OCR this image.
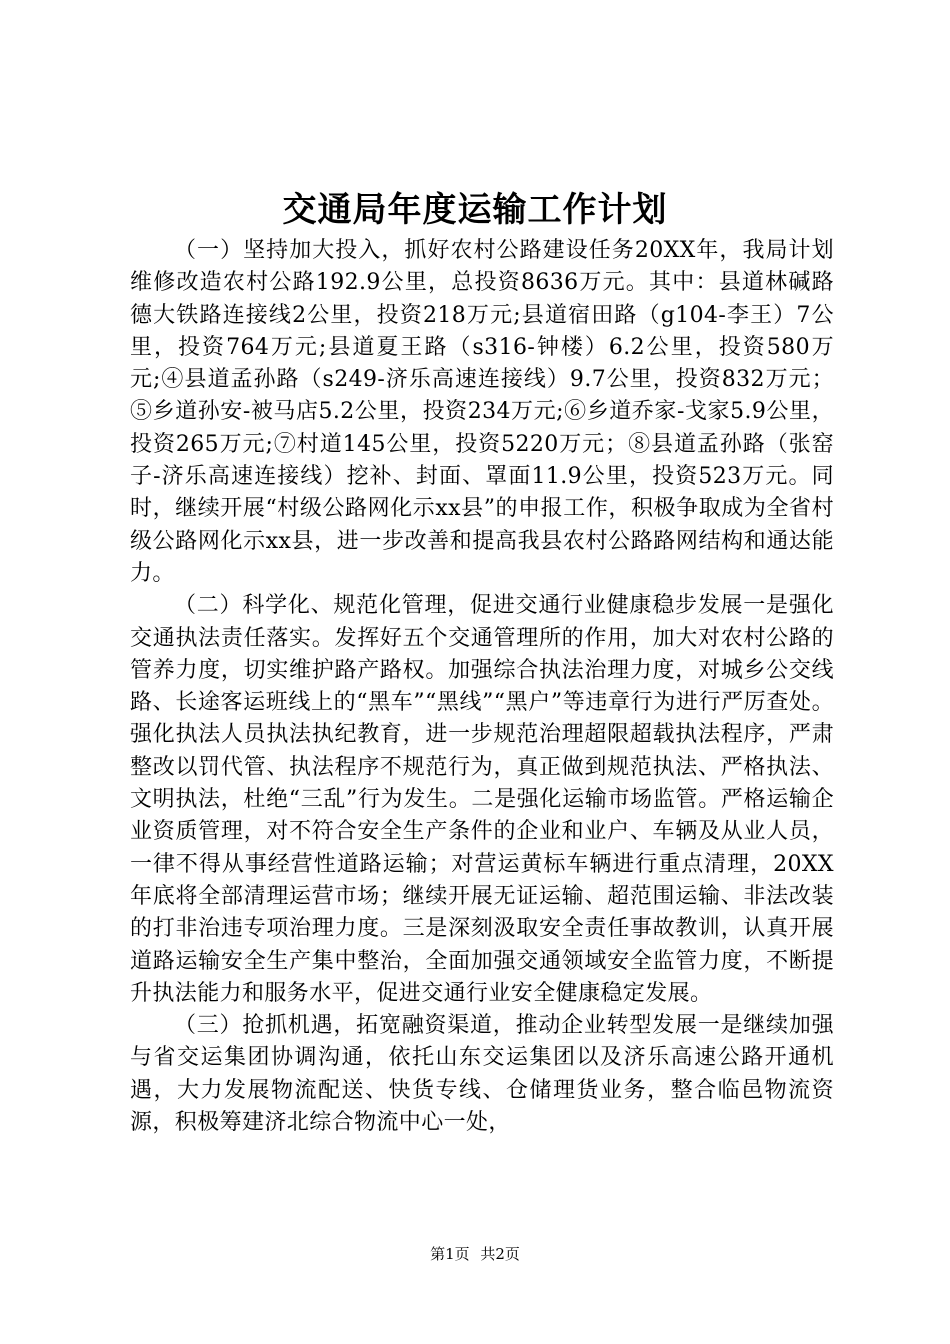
交通局年度运输工作计划

（一）坚持加大投入，抓好农村公路建设任务20XX年，我局计划维修改造农村公路192.9公里，总投资8636万元。其中：县道林碱路德大铁路连接线2公里，投资218万元;县道宿田路（g104-李王）7公里，投资764万元;县道夏王路（s316-钟楼）6.2公里，投资580万元;④县道孟孙路（s249-济乐高速连接线）9.7公里，投资832万元；⑤乡道孙安-被马店5.2公里，投资234万元;⑥乡道乔家-戈家5.9公里，投资265万元;⑦村道145公里，投资5220万元；⑧县道孟孙路（张窑子-济乐高速连接线）挖补、封面、罩面11.9公里，投资523万元。同时，继续开展“村级公路网化示xx县”的申报工作，积极争取成为全省村级公路网化示xx县，进一步改善和提高我县农村公路路网结构和通达能力。

（二）科学化、规范化管理，促进交通行业健康稳步发展一是强化交通执法责任落实。发挥好五个交通管理所的作用，加大对农村公路的管养力度，切实维护路产路权。加强综合执法治理力度，对城乡公交线路、长途客运班线上的“黑车”“黑线”“黑户”等违章行为进行严厉查处。强化执法人员执法执纪教育，进一步规范治理超限超载执法程序，严肃整改以罚代管、执法程序不规范行为，真正做到规范执法、严格执法、文明执法，杜绝“三乱”行为发生。二是强化运输市场监管。严格运输企业资质管理，对不符合安全生产条件的企业和业户、车辆及从业人员，一律不得从事经营性道路运输；对营运黄标车辆进行重点清理，20XX年底将全部清理运营市场；继续开展无证运输、超范围运输、非法改装的打非治违专项治理力度。三是深刻汲取安全责任事故教训，认真开展道路运输安全生产集中整治，全面加强交通领域安全监管力度，不断提升执法能力和服务水平，促进交通行业安全健康稳定发展。

（三）抢抓机遇，拓宽融资渠道，推动企业转型发展一是继续加强与省交运集团协调沟通，依托山东交运集团以及济乐高速公路开通机遇，大力发展物流配送、快货专线、仓储理货业务，整合临邑物流资源，积极筹建济北综合物流中心一处，

第1页 共2页
